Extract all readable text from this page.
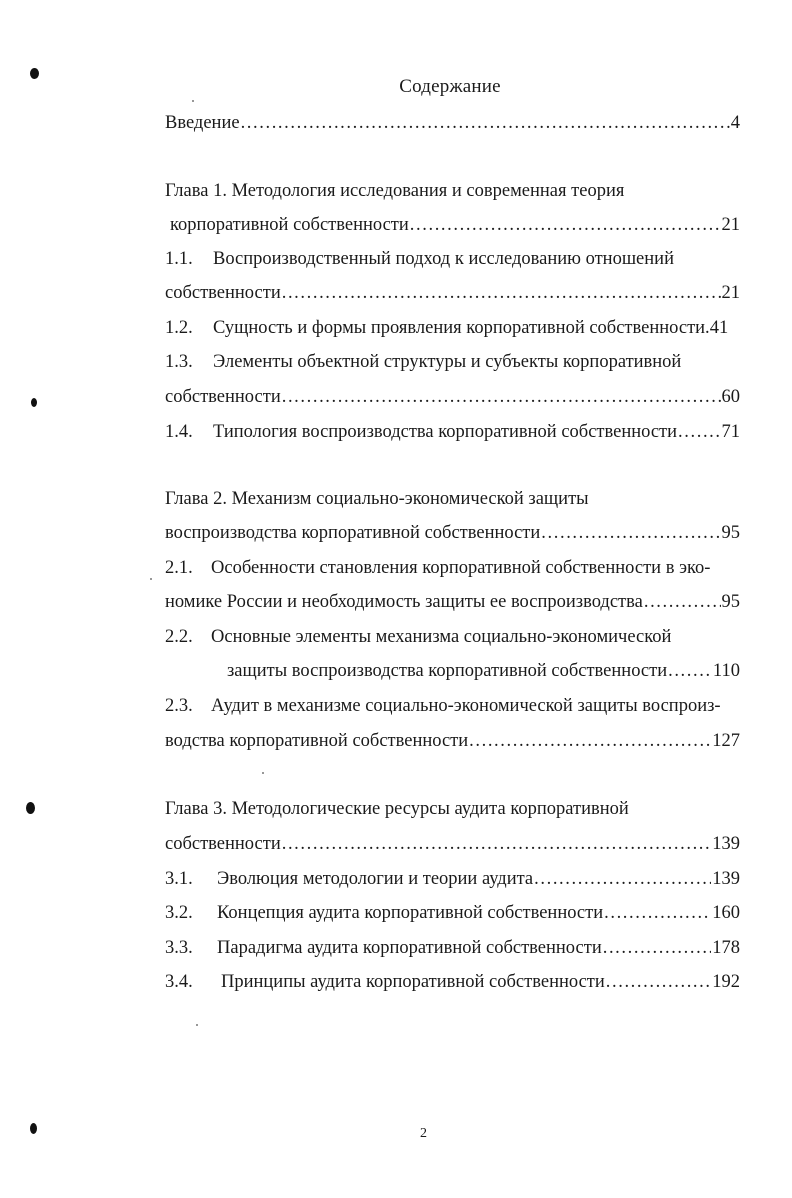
Содержание
Введение .....	4
Глава 1. Методология исследования и современная теория
корпоративной собственности .....	21
1.1. Воспроизводственный подход к исследованию отношений
собственности .....	21
1.2. Сущность и формы проявления корпоративной собственности.41
1.3. Элементы объектной структуры и субъекты корпоративной
собственности .....	60
1.4.	Типология воспроизводства корпоративной собственности ..... 71
Глава 2. Механизм социально-экономической защиты
воспроизводства корпоративной собственности .....	95
2.1. Особенности становления корпоративной собственности в эко-
номике России и необходимость защиты ее воспроизводства .....	95
2.2. Основные элементы механизма социально-экономической
защиты воспроизводства корпоративной собственности ..... 110
2.3. Аудит в механизме социально-экономической защиты воспроиз-
водства корпоративной собственности .....	127
Глава 3. Методологические ресурсы аудита корпоративной
собственности .....	139
3.1.	Эволюция методологии и теории аудита .....	139
3.2.	Концепция аудита корпоративной собственности .....	160
3.3.	Парадигма аудита корпоративной собственности .....	178
3.4.	Принципы аудита корпоративной собственности .....	192
2
